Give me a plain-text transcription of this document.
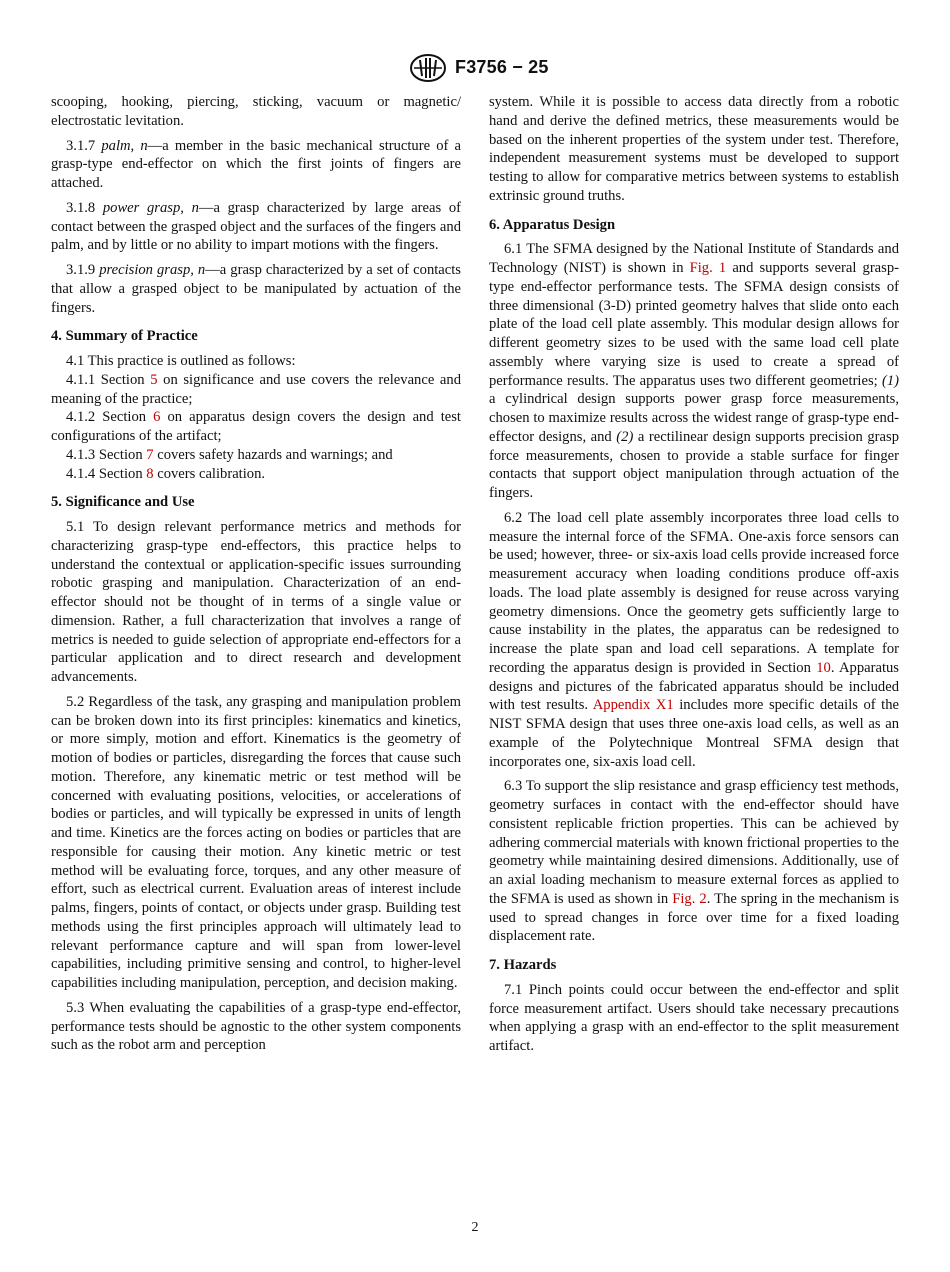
F3756 − 25

scooping, hooking, piercing, sticking, vacuum or magnetic/ electrostatic levitation.

3.1.7 palm, n—a member in the basic mechanical structure of a grasp-type end-effector on which the first joints of fingers are attached.

3.1.8 power grasp, n—a grasp characterized by large areas of contact between the grasped object and the surfaces of the fingers and palm, and by little or no ability to impart motions with the fingers.

3.1.9 precision grasp, n—a grasp characterized by a set of contacts that allow a grasped object to be manipulated by actuation of the fingers.

4. Summary of Practice

4.1 This practice is outlined as follows:

4.1.1 Section 5 on significance and use covers the relevance and meaning of the practice;

4.1.2 Section 6 on apparatus design covers the design and test configurations of the artifact;

4.1.3 Section 7 covers safety hazards and warnings; and

4.1.4 Section 8 covers calibration.

5. Significance and Use

5.1 To design relevant performance metrics and methods for characterizing grasp-type end-effectors, this practice helps to understand the contextual or application-specific issues surrounding robotic grasping and manipulation. Characterization of an end-effector should not be thought of in terms of a single value or dimension. Rather, a full characterization that involves a range of metrics is needed to guide selection of appropriate end-effectors for a particular application and to direct research and development advancements.

5.2 Regardless of the task, any grasping and manipulation problem can be broken down into its first principles: kinematics and kinetics, or more simply, motion and effort. Kinematics is the geometry of motion of bodies or particles, disregarding the forces that cause such motion. Therefore, any kinematic metric or test method will be concerned with evaluating positions, velocities, or accelerations of bodies or particles, and will typically be expressed in units of length and time. Kinetics are the forces acting on bodies or particles that are responsible for causing their motion. Any kinetic metric or test method will be evaluating force, torques, and any other measure of effort, such as electrical current. Evaluation areas of interest include palms, fingers, points of contact, or objects under grasp. Building test methods using the first principles approach will ultimately lead to relevant performance capture and will span from lower-level capabilities, including primitive sensing and control, to higher-level capabilities including manipulation, perception, and decision making.

5.3 When evaluating the capabilities of a grasp-type end-effector, performance tests should be agnostic to the other system components such as the robot arm and perception

system. While it is possible to access data directly from a robotic hand and derive the defined metrics, these measurements would be based on the inherent properties of the system under test. Therefore, independent measurement systems must be developed to support testing to allow for comparative metrics between systems to establish extrinsic ground truths.

6. Apparatus Design

6.1 The SFMA designed by the National Institute of Standards and Technology (NIST) is shown in Fig. 1 and supports several grasp-type end-effector performance tests. The SFMA design consists of three dimensional (3-D) printed geometry halves that slide onto each plate of the load cell plate assembly. This modular design allows for different geometry sizes to be used with the same load cell plate assembly where varying size is used to create a spread of performance results. The apparatus uses two different geometries; (1) a cylindrical design supports power grasp force measurements, chosen to maximize results across the widest range of grasp-type end-effector designs, and (2) a rectilinear design supports precision grasp force measurements, chosen to provide a stable surface for finger contacts that support object manipulation through actuation of the fingers.

6.2 The load cell plate assembly incorporates three load cells to measure the internal force of the SFMA. One-axis force sensors can be used; however, three- or six-axis load cells provide increased force measurement accuracy when loading conditions produce off-axis loads. The load plate assembly is designed for reuse across varying geometry dimensions. Once the geometry gets sufficiently large to cause instability in the plates, the apparatus can be redesigned to increase the plate span and load cell separations. A template for recording the apparatus design is provided in Section 10. Apparatus designs and pictures of the fabricated apparatus should be included with test results. Appendix X1 includes more specific details of the NIST SFMA design that uses three one-axis load cells, as well as an example of the Polytechnique Montreal SFMA design that incorporates one, six-axis load cell.

6.3 To support the slip resistance and grasp efficiency test methods, geometry surfaces in contact with the end-effector should have consistent replicable friction properties. This can be achieved by adhering commercial materials with known frictional properties to the geometry while maintaining desired dimensions. Additionally, use of an axial loading mechanism to measure external forces as applied to the SFMA is used as shown in Fig. 2. The spring in the mechanism is used to spread changes in force over time for a fixed loading displacement rate.

7. Hazards

7.1 Pinch points could occur between the end-effector and split force measurement artifact. Users should take necessary precautions when applying a grasp with an end-effector to the split measurement artifact.

2
